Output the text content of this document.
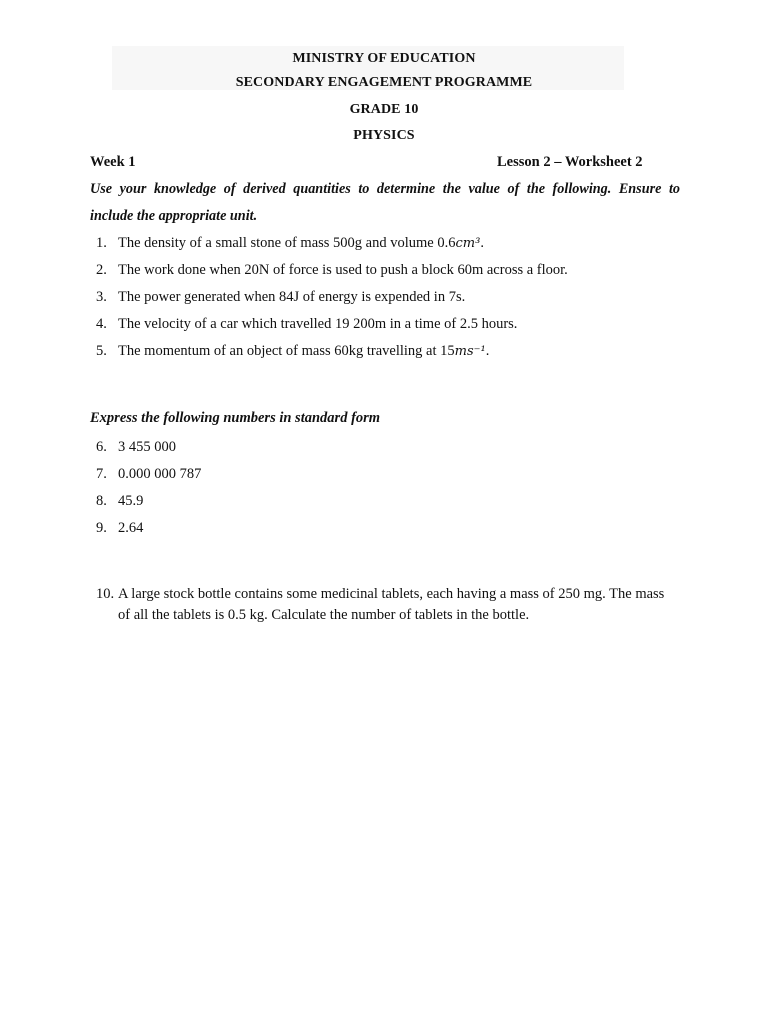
MINISTRY OF EDUCATION
SECONDARY ENGAGEMENT PROGRAMME
GRADE 10
PHYSICS
Week 1	Lesson 2 – Worksheet 2
Use your knowledge of derived quantities to determine the value of the following. Ensure to
include the appropriate unit.
1. The density of a small stone of mass 500g and volume 0.6cm³.
2. The work done when 20N of force is used to push a block 60m across a floor.
3. The power generated when 84J of energy is expended in 7s.
4. The velocity of a car which travelled 19 200m in a time of 2.5 hours.
5. The momentum of an object of mass 60kg travelling at 15ms⁻¹.
Express the following numbers in standard form
6. 3 455 000
7. 0.000 000 787
8. 45.9
9. 2.64
10. A large stock bottle contains some medicinal tablets, each having a mass of 250 mg. The mass of all the tablets is 0.5 kg. Calculate the number of tablets in the bottle.
